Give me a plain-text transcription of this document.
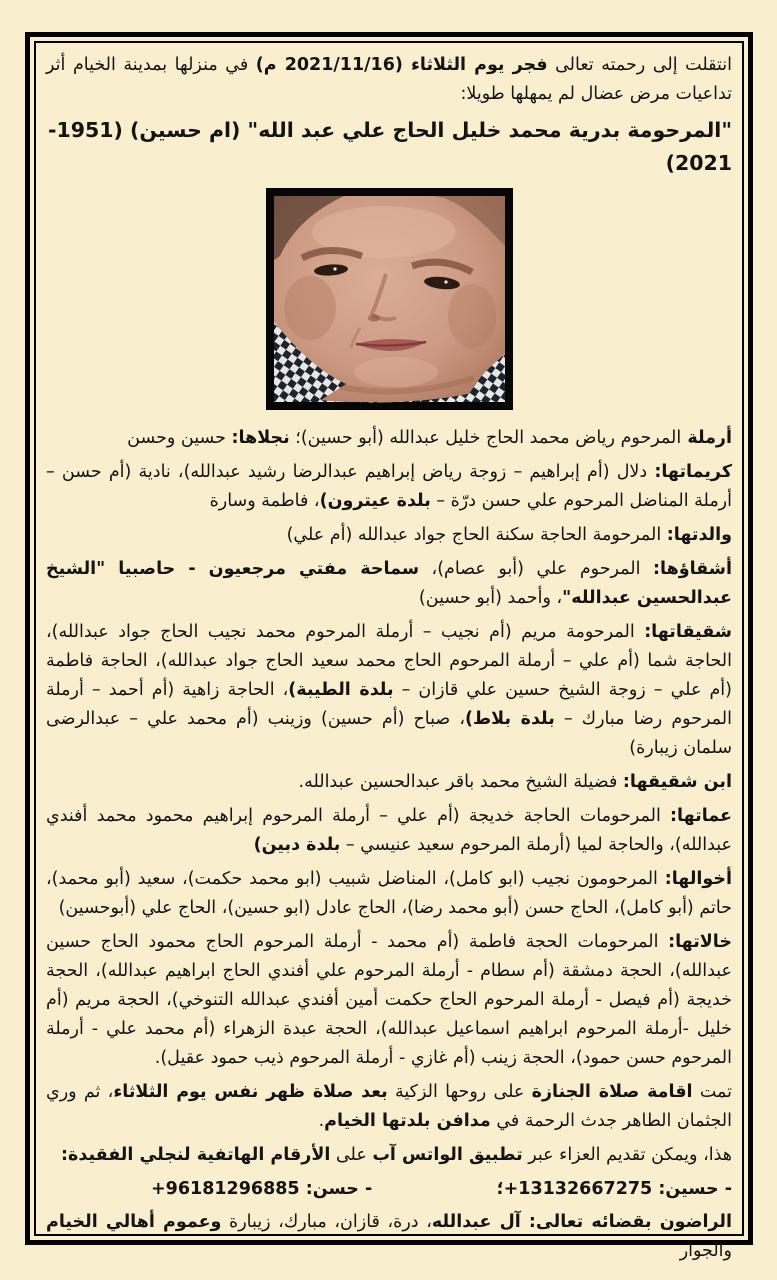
انتقلت إلى رحمته تعالى فجر يوم الثلاثاء (2021/11/16 م) في منزلها بمدينة الخيام أثر تداعيات مرض عضال لم يمهلها طويلا:
"المرحومة بدرية محمد خليل الحاج علي عبد الله" (ام حسين) (1951-2021)
أرملة المرحوم رياض محمد الحاج خليل عبدالله (أبو حسين)؛ نجلاها: حسين وحسن
كريماتها: دلال (أم إبراهيم – زوجة رياض إبراهيم عبدالرضا رشيد عبدالله)، نادية (أم حسن – أرملة المناضل المرحوم علي حسن درّة – بلدة عيترون)، فاطمة وسارة
والدتها: المرحومة الحاجة سكنة الحاج جواد عبدالله (أم علي)
أشقاؤها: المرحوم علي (أبو عصام)، سماحة مفتي مرجعيون - حاصبيا "الشيخ عبدالحسين عبدالله"، وأحمد (أبو حسين)
شقيقاتها: المرحومة مريم (أم نجيب – أرملة المرحوم محمد نجيب الحاج جواد عبدالله)، الحاجة شما (أم علي – أرملة المرحوم الحاج محمد سعيد الحاج جواد عبدالله)، الحاجة فاطمة (أم علي – زوجة الشيخ حسين علي قازان – بلدة الطيبة)، الحاجة زاهية (أم أحمد – أرملة المرحوم رضا مبارك – بلدة بلاط)، صباح (أم حسين) وزينب (أم محمد علي – عبدالرضى سلمان زيبارة)
ابن شقيقها: فضيلة الشيخ محمد باقر عبدالحسين عبدالله.
عماتها: المرحومات الحاجة خديجة (أم علي – أرملة المرحوم إبراهيم محمود محمد أفندي عبدالله)، والحاجة لميا (أرملة المرحوم سعيد عنيسي – بلدة دبين)
أخوالها: المرحومون نجيب (ابو كامل)، المناضل شبيب (ابو محمد حكمت)، سعيد (أبو محمد)، حاتم (أبو كامل)، الحاج حسن (أبو محمد رضا)، الحاج عادل (ابو حسين)، الحاج علي (أبوحسين)
خالاتها: المرحومات الحجة فاطمة (أم محمد - أرملة المرحوم الحاج محمود الحاج حسين عبدالله)، الحجة دمشقة (أم سطام - أرملة المرحوم علي أفندي الحاج ابراهيم عبدالله)، الحجة خديجة (أم فيصل - أرملة المرحوم الحاج حكمت أمين أفندي عبدالله التنوخي)، الحجة مريم (أم خليل -أرملة المرحوم ابراهيم اسماعيل عبدالله)، الحجة عبدة الزهراء (أم محمد علي - أرملة المرحوم حسن حمود)، الحجة زينب (أم غازي - أرملة المرحوم ذيب حمود عقيل).
تمت اقامة صلاة الجنازة على روحها الزكية بعد صلاة ظهر نفس يوم الثلاثاء، ثم وري الجثمان الطاهر جدث الرحمة في مدافن بلدتها الخيام.
هذا، ويمكن تقديم العزاء عبر تطبيق الواتس آب على الأرقام الهاتفية لنجلي الفقيدة:
- حسين: 13132667275+؛
- حسن: 96181296885+
الراضون بقضائه تعالى: آل عبدالله، درة، قازان، مبارك، زيبارة وعموم أهالي الخيام والجوار
